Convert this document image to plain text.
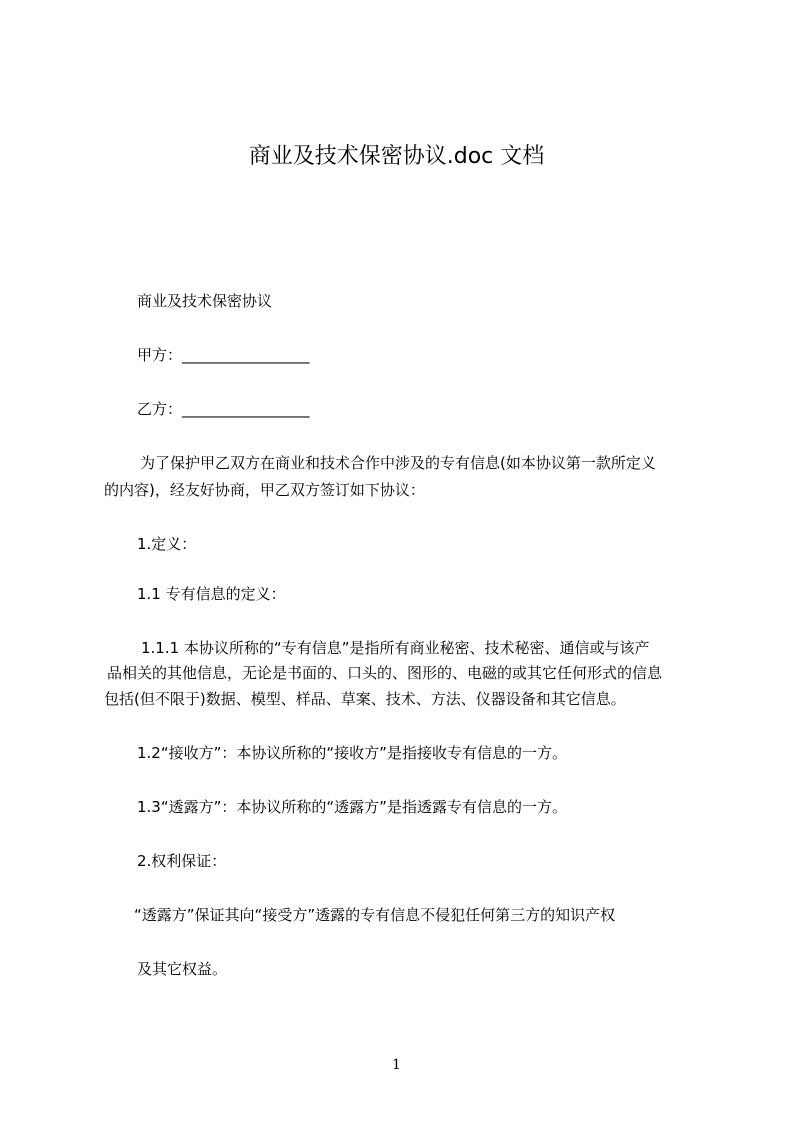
商业及技术保密协议.doc 文档
商业及技术保密协议
甲方：_________________
乙方：_________________
为了保护甲乙双方在商业和技术合作中涉及的专有信息(如本协议第一款所定义
的内容)，经友好协商，甲乙双方签订如下协议：
1.定义：
1.1 专有信息的定义：
1.1.1 本协议所称的“专有信息”是指所有商业秘密、技术秘密、通信或与该产
品相关的其他信息，无论是书面的、口头的、图形的、电磁的或其它任何形式的信息
包括(但不限于)数据、模型、样品、草案、技术、方法、仪器设备和其它信息。
1.2“接收方”：本协议所称的“接收方”是指接收专有信息的一方。
1.3“透露方”：本协议所称的“透露方”是指透露专有信息的一方。
2.权利保证：
“透露方”保证其向“接受方”透露的专有信息不侵犯任何第三方的知识产权
及其它权益。
1
